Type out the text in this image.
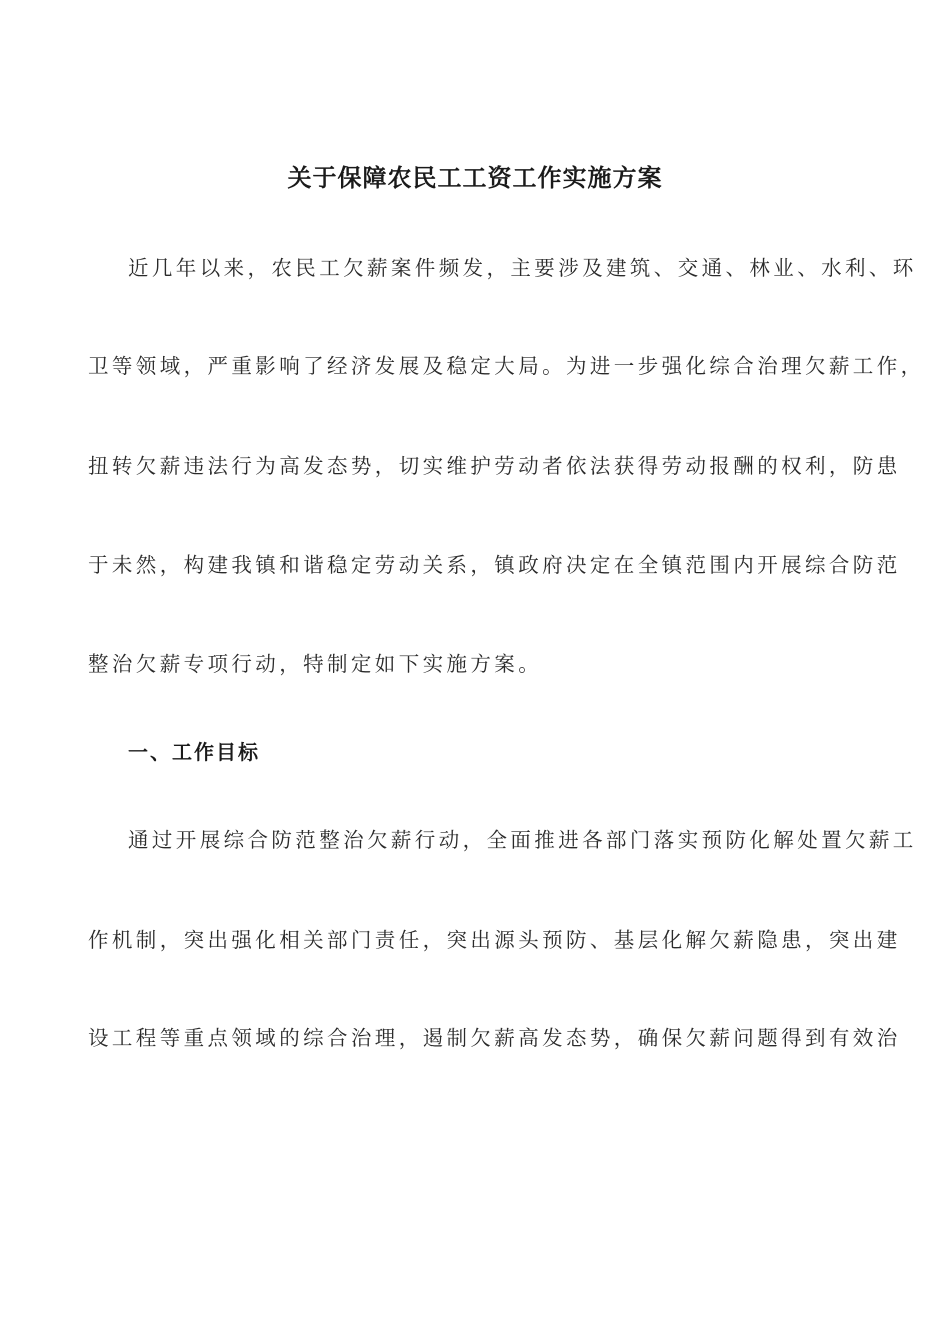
关于保障农民工工资工作实施方案
近几年以来，农民工欠薪案件频发，主要涉及建筑、交通、林业、水利、环
卫等领域，严重影响了经济发展及稳定大局。为进一步强化综合治理欠薪工作，
扭转欠薪违法行为高发态势，切实维护劳动者依法获得劳动报酬的权利，防患
于未然，构建我镇和谐稳定劳动关系，镇政府决定在全镇范围内开展综合防范
整治欠薪专项行动，特制定如下实施方案。
一、工作目标
通过开展综合防范整治欠薪行动，全面推进各部门落实预防化解处置欠薪工
作机制，突出强化相关部门责任，突出源头预防、基层化解欠薪隐患，突出建
设工程等重点领域的综合治理，遏制欠薪高发态势，确保欠薪问题得到有效治
